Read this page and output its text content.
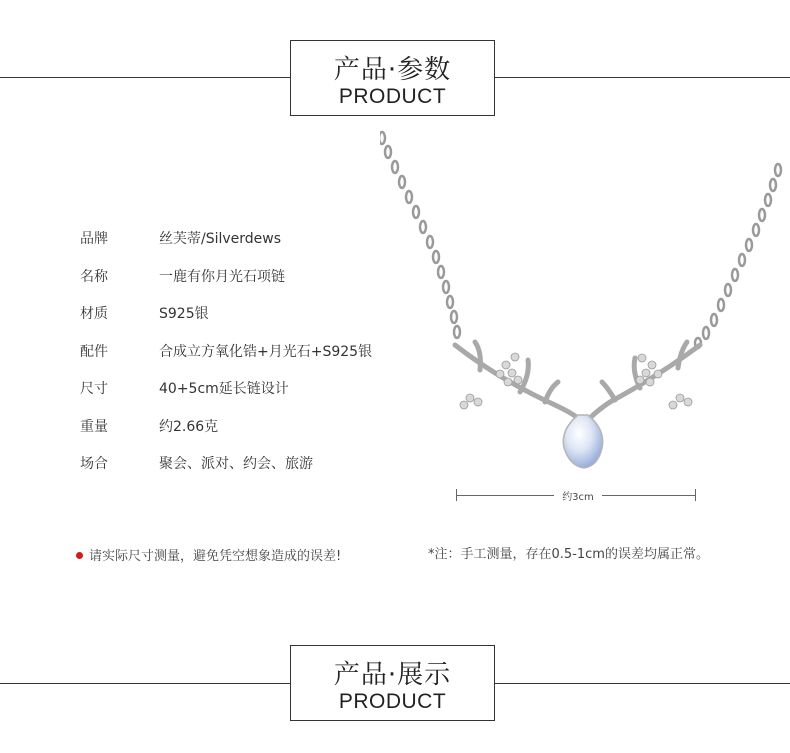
产品·参数
PRODUCT
品牌	丝芙蒂/Silverdews
名称	一鹿有你月光石项链
材质	S925银
配件	合成立方氧化锆+月光石+S925银
尺寸	40+5cm延长链设计
重量	约2.66克
场合	聚会、派对、约会、旅游
约3cm
请实际尺寸测量，避免凭空想象造成的误差!	*注：手工测量，存在0.5-1cm的误差均属正常。
产品·展示
PRODUCT
